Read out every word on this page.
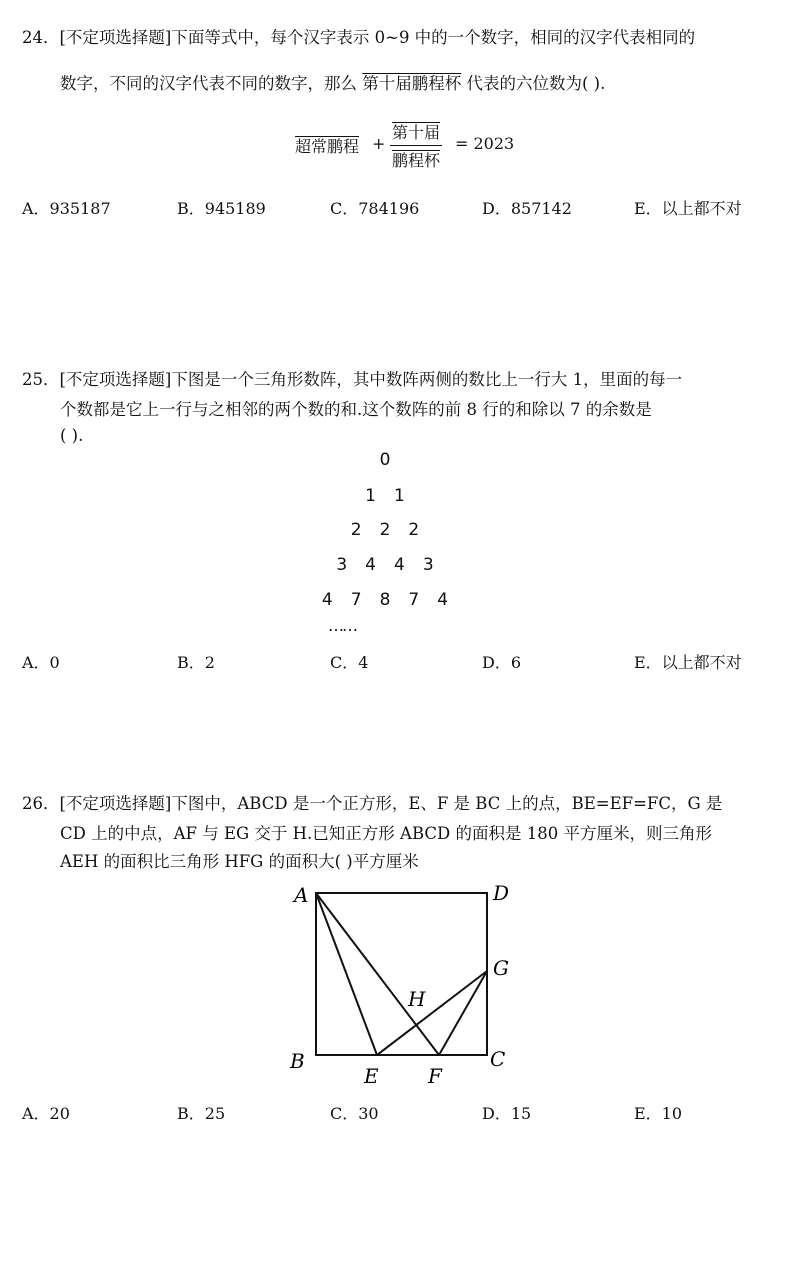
24．[不定项选择题]下面等式中，每个汉字表示 0~9 中的一个数字，相同的汉字代表相同的
数字，不同的汉字代表不同的数字，那么 第十届鹏程杯 代表的六位数为( ).
超常鹏程 +
第十届
鹏程杯
= 2023
A．935187	B．945189	C．784196	D．857142	E．以上都不对
25．[不定项选择题]下图是一个三角形数阵，其中数阵两侧的数比上一行大 1，里面的每一
个数都是它上一行与之相邻的两个数的和.这个数阵的前 8 行的和除以 7 的余数是
( ).
0
1 1
2 2 2
3 4 4 3
4 7 8 7 4
……
A．0	B．2	C．4	D．6	E．以上都不对
26．[不定项选择题]下图中，ABCD 是一个正方形，E、F 是 BC 上的点，BE=EF=FC，G 是
CD 上的中点，AF 与 EG 交于 H.已知正方形 ABCD 的面积是 180 平方厘米，则三角形
AEH 的面积比三角形 HFG 的面积大( )平方厘米
A	D
G
H
B	C
E F
A．20	B．25	C．30	D．15	E．10
